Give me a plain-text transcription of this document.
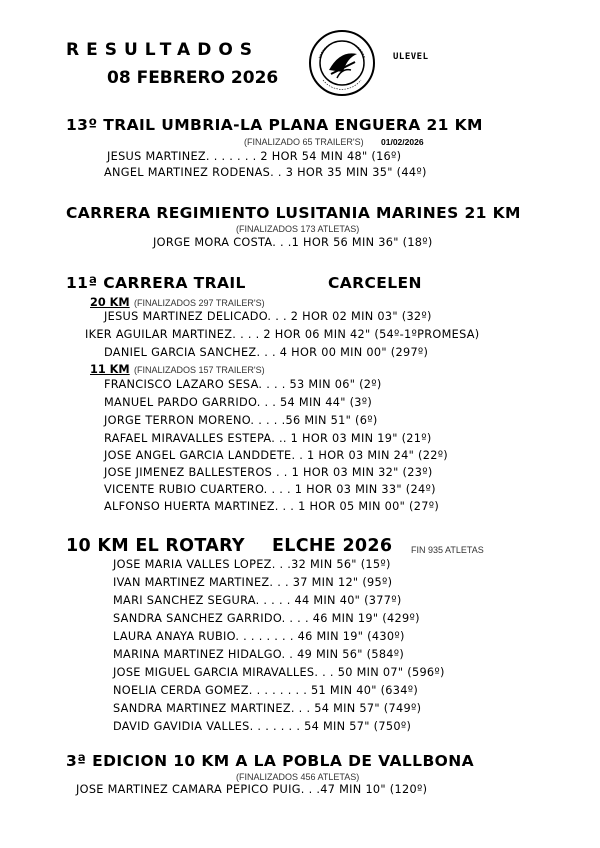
RESULTADOS
08 FEBRERO 2026
ULEVEL
13º TRAIL UMBRIA-LA PLANA ENGUERA 21 KM
(FINALIZADO 65 TRAILER'S) 01/02/2026
JESUS MARTINEZ. . . . . . . 2 HOR 54 MIN 48" (16º)
ANGEL MARTINEZ RODENAS. . 3 HOR 35 MIN 35" (44º)
CARRERA REGIMIENTO LUSITANIA MARINES 21 KM
(FINALIZADOS 173 ATLETAS)
JORGE MORA COSTA. . .1 HOR 56 MIN 36" (18º)
11ª CARRERA TRAIL	CARCELEN
20 KM (FINALIZADOS 297 TRAILER'S)
JESUS MARTINEZ DELICADO. . . 2 HOR 02 MIN 03" (32º)
IKER AGUILAR MARTINEZ. . . . 2 HOR 06 MIN 42" (54º-1ºPROMESA)
DANIEL GARCIA SANCHEZ. . . 4 HOR 00 MIN 00" (297º)
11 KM (FINALIZADOS 157 TRAILER'S)
FRANCISCO LAZARO SESA. . . . 53 MIN 06" (2º)
MANUEL PARDO GARRIDO. . . 54 MIN 44" (3º)
JORGE TERRON MORENO. . . . .56 MIN 51" (6º)
RAFAEL MIRAVALLES ESTEPA. .. 1 HOR 03 MIN 19" (21º)
JOSE ANGEL GARCIA LANDDETE. . 1 HOR 03 MIN 24" (22º)
JOSE JIMENEZ BALLESTEROS . . 1 HOR 03 MIN 32" (23º)
VICENTE RUBIO CUARTERO. . . . 1 HOR 03 MIN 33" (24º)
ALFONSO HUERTA MARTINEZ. . . 1 HOR 05 MIN 00" (27º)
10 KM EL ROTARY ELCHE 2026 FIN 935 ATLETAS
JOSE MARIA VALLES LOPEZ. . .32 MIN 56" (15º)
IVAN MARTINEZ MARTINEZ. . . 37 MIN 12" (95º)
MARI SANCHEZ SEGURA. . . . . 44 MIN 40" (377º)
SANDRA SANCHEZ GARRIDO. . . . 46 MIN 19" (429º)
LAURA ANAYA RUBIO. . . . . . . . 46 MIN 19" (430º)
MARINA MARTINEZ HIDALGO. . 49 MIN 56" (584º)
JOSE MIGUEL GARCIA MIRAVALLES. . . 50 MIN 07" (596º)
NOELIA CERDA GOMEZ. . . . . . . . 51 MIN 40" (634º)
SANDRA MARTINEZ MARTINEZ. . . 54 MIN 57" (749º)
DAVID GAVIDIA VALLES. . . . . . . 54 MIN 57" (750º)
3ª EDICION 10 KM A LA POBLA DE VALLBONA
(FINALIZADOS 456 ATLETAS)
JOSE MARTINEZ CAMARA PEPICO PUIG. . .47 MIN 10" (120º)
